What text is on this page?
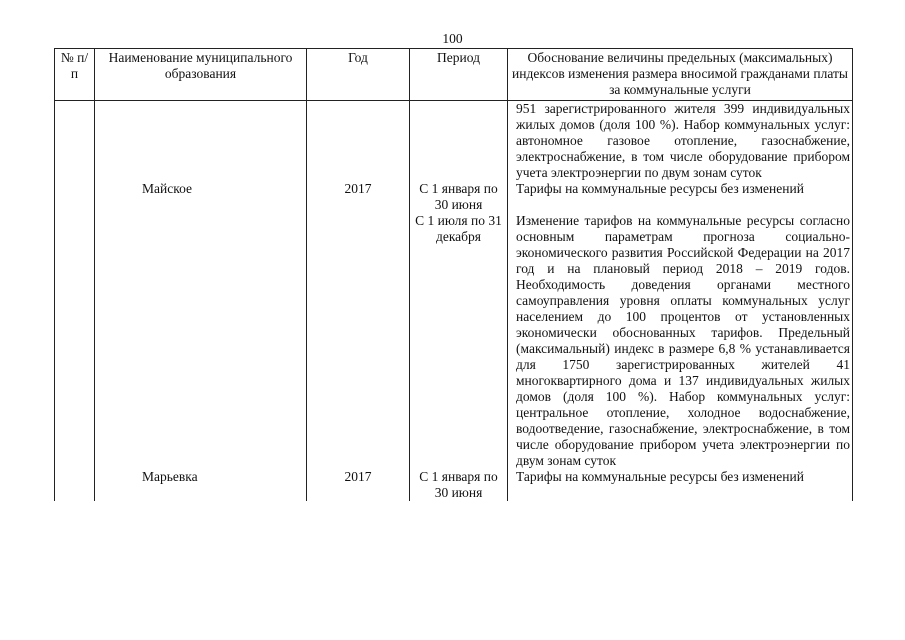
100
№ п/п	Наименование муниципального образования	Год	Период	Обоснование величины предельных (максимальных) индексов изменения размера вносимой гражданами платы за коммунальные услуги
				951 зарегистрированного жителя 399 индивидуальных жилых домов (доля 100 %). Набор коммунальных услуг: автономное газовое отопление, газоснабжение, электроснабжение, в том числе оборудование прибором учета электроэнергии по двум зонам суток
	Майское	2017	С 1 января по 30 июня	Тарифы на коммунальные ресурсы без изменений
			С 1 июля по 31 декабря	Изменение тарифов на коммунальные ресурсы согласно основным параметрам прогноза социально-экономического развития Российской Федерации на 2017 год и на плановый период 2018 – 2019 годов. Необходимость доведения органами местного самоуправления уровня оплаты коммунальных услуг населением до 100 процентов от установленных экономически обоснованных тарифов. Предельный (максимальный) индекс в размере 6,8 % устанавливается для 1750 зарегистрированных жителей 41 многоквартирного дома и 137 индивидуальных жилых домов (доля 100 %). Набор коммунальных услуг: центральное отопление, холодное водоснабжение, водоотведение, газоснабжение, электроснабжение, в том числе оборудование прибором учета электроэнергии по двум зонам суток
	Марьевка	2017	С 1 января по 30 июня	Тарифы на коммунальные ресурсы без изменений
